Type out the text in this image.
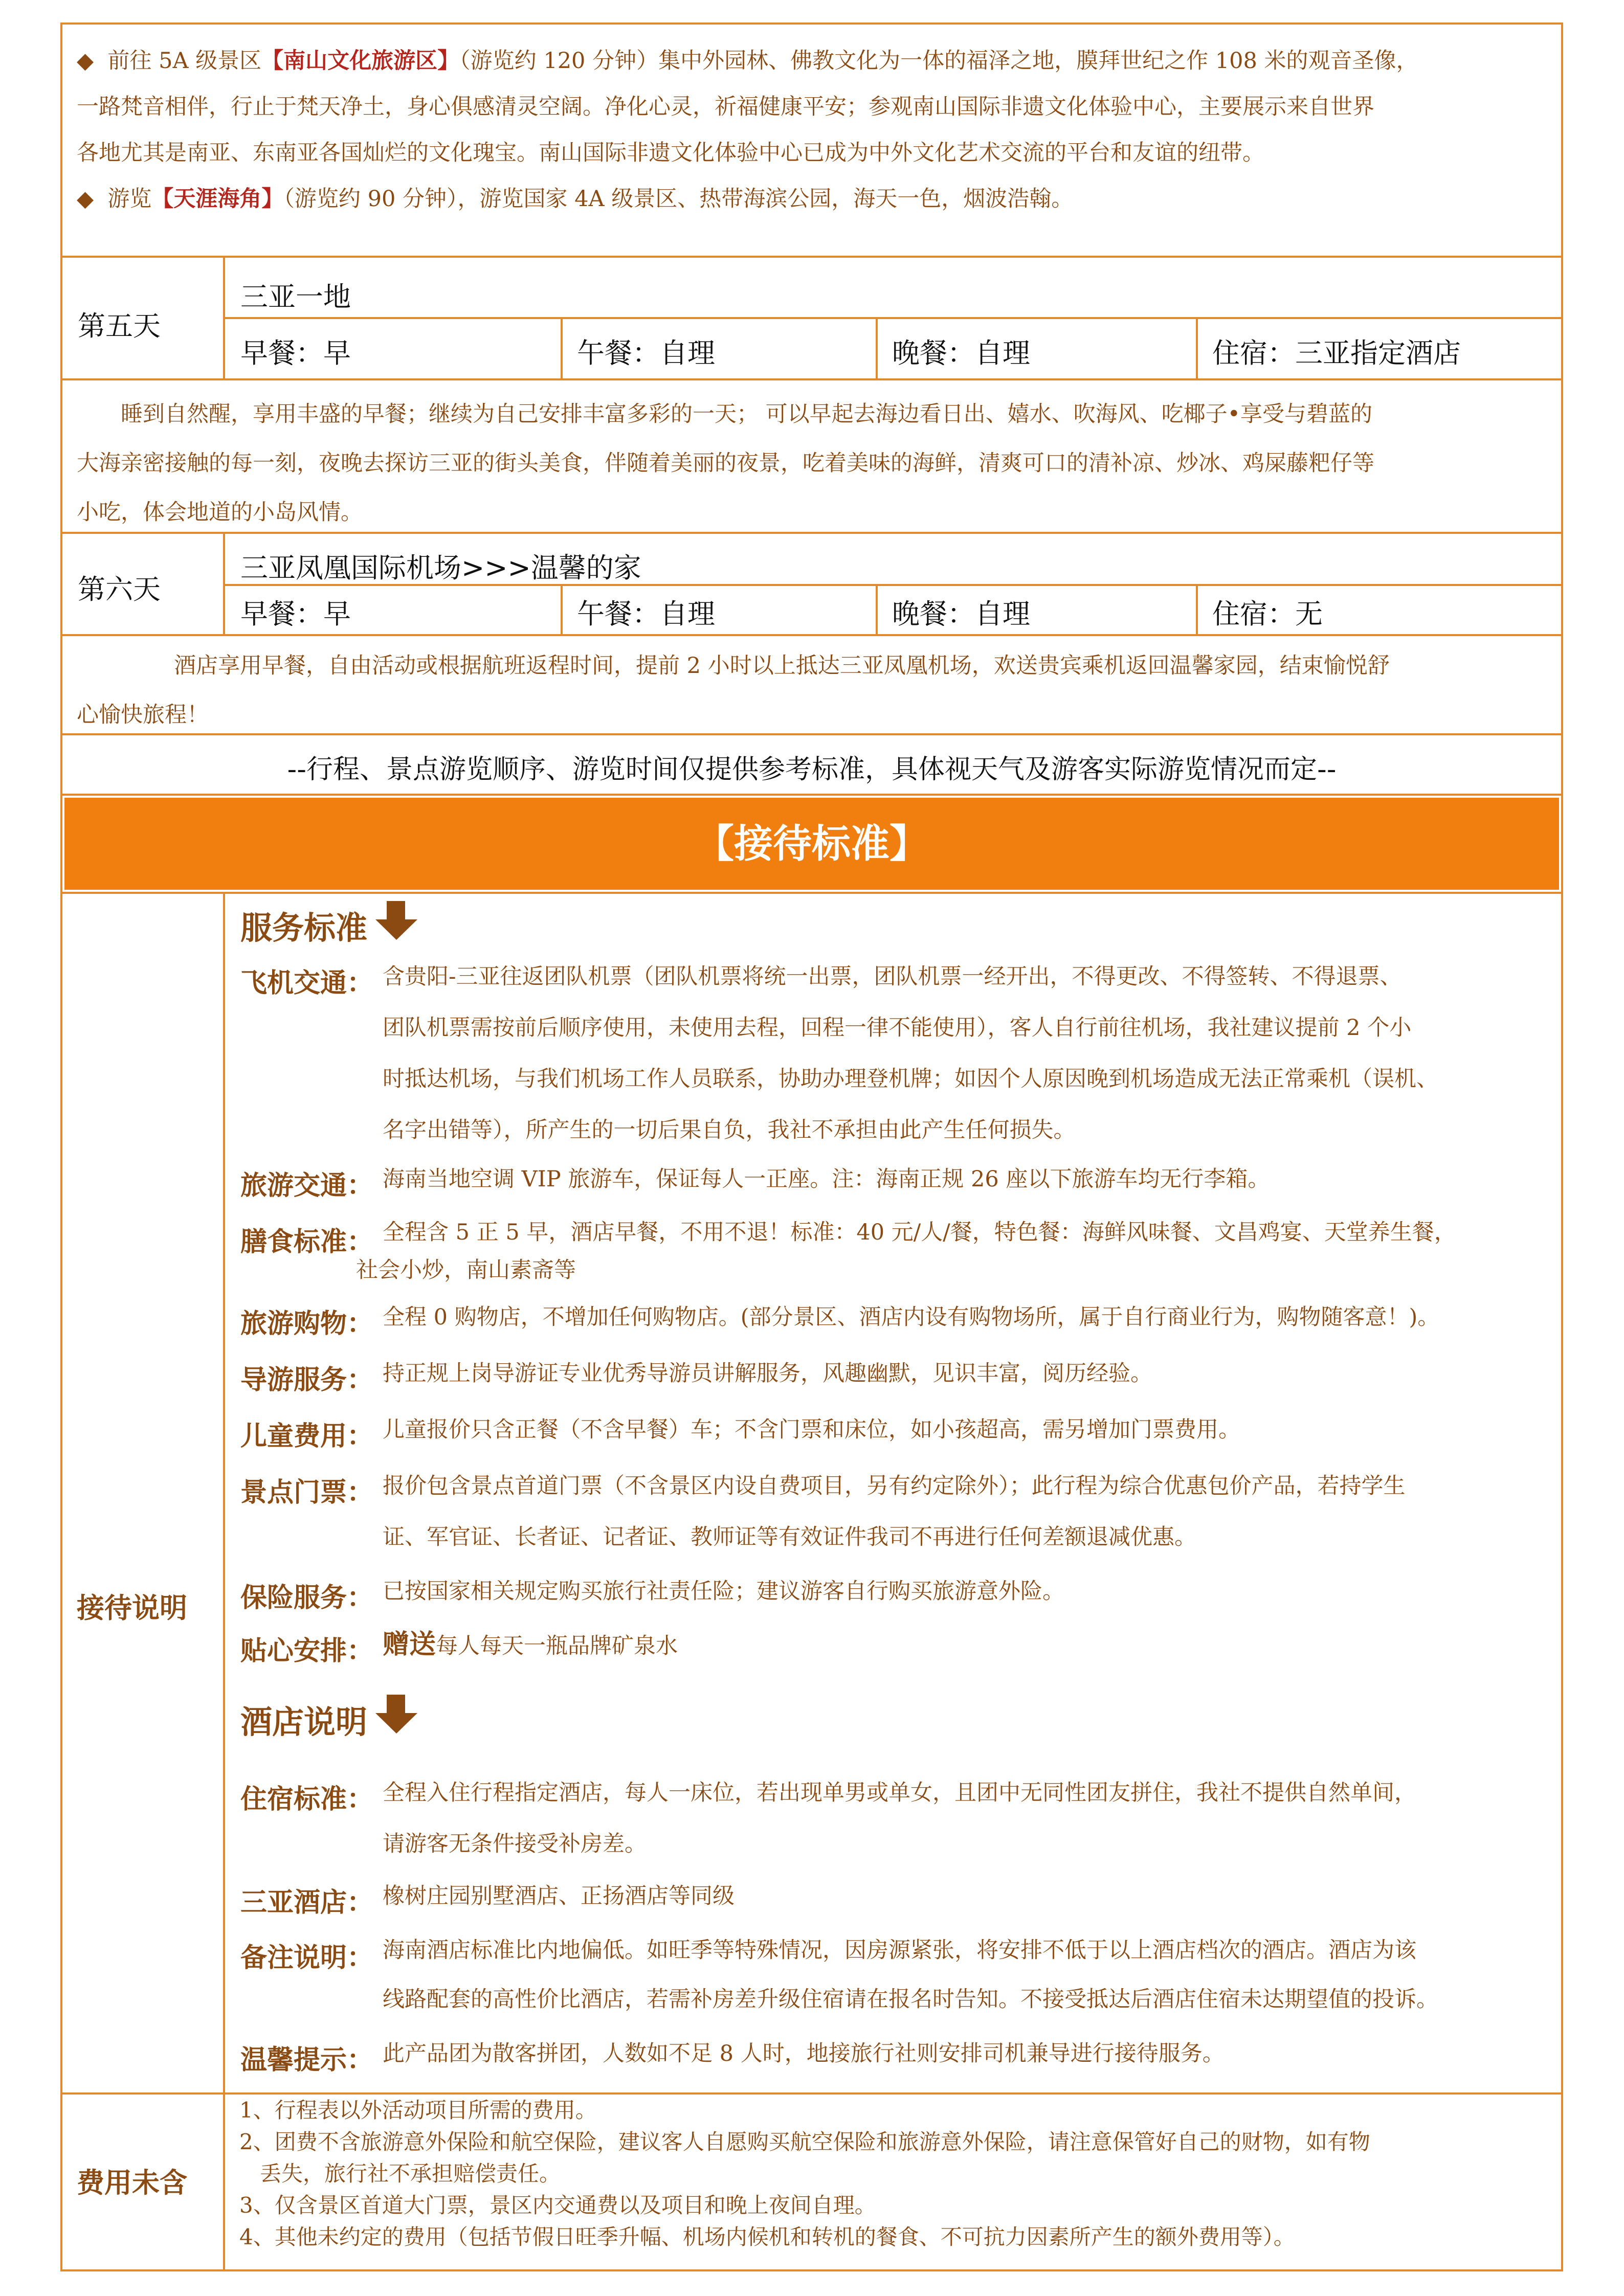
◆ 前往 5A 级景区【南山文化旅游区】（游览约 120 分钟）集中外园林、佛教文化为一体的福泽之地，膜拜世纪之作 108 米的观音圣像，
一路梵音相伴，行止于梵天净土，身心俱感清灵空阔。净化心灵，祈福健康平安；参观南山国际非遗文化体验中心，主要展示来自世界
各地尤其是南亚、东南亚各国灿烂的文化瑰宝。南山国际非遗文化体验中心已成为中外文化艺术交流的平台和友谊的纽带。
◆ 游览【天涯海角】（游览约 90 分钟），游览国家 4A 级景区、热带海滨公园，海天一色，烟波浩翰。
第五天
三亚一地
早餐：早	午餐：自理	晚餐：自理	住宿：三亚指定酒店
睡到自然醒，享用丰盛的早餐；继续为自己安排丰富多彩的一天； 可以早起去海边看日出、嬉水、吹海风、吃椰子•享受与碧蓝的
大海亲密接触的每一刻，夜晚去探访三亚的街头美食，伴随着美丽的夜景，吃着美味的海鲜，清爽可口的清补凉、炒冰、鸡屎藤粑仔等
小吃，体会地道的小岛风情。
第六天
三亚凤凰国际机场>>>温馨的家
早餐：早	午餐：自理	晚餐：自理	住宿：无
酒店享用早餐，自由活动或根据航班返程时间，提前 2 小时以上抵达三亚凤凰机场，欢送贵宾乘机返回温馨家园，结束愉悦舒
心愉快旅程！
--行程、景点游览顺序、游览时间仅提供参考标准，具体视天气及游客实际游览情况而定--
【接待标准】
接待说明
服务标准
飞机交通： 含贵阳-三亚往返团队机票（团队机票将统一出票，团队机票一经开出，不得更改、不得签转、不得退票、
团队机票需按前后顺序使用，未使用去程，回程一律不能使用），客人自行前往机场，我社建议提前 2 个小
时抵达机场，与我们机场工作人员联系，协助办理登机牌；如因个人原因晚到机场造成无法正常乘机（误机、
名字出错等），所产生的一切后果自负，我社不承担由此产生任何损失。
旅游交通： 海南当地空调 VIP 旅游车，保证每人一正座。注：海南正规 26 座以下旅游车均无行李箱。
膳食标准： 全程含 5 正 5 早，酒店早餐，不用不退！标准：40 元/人/餐，特色餐：海鲜风味餐、文昌鸡宴、天堂养生餐，
社会小炒，南山素斋等
旅游购物： 全程 0 购物店，不增加任何购物店。(部分景区、酒店内设有购物场所，属于自行商业行为，购物随客意！)。
导游服务： 持正规上岗导游证专业优秀导游员讲解服务，风趣幽默，见识丰富，阅历经验。
儿童费用： 儿童报价只含正餐（不含早餐）车；不含门票和床位，如小孩超高，需另增加门票费用。
景点门票： 报价包含景点首道门票（不含景区内设自费项目，另有约定除外）；此行程为综合优惠包价产品，若持学生
证、军官证、长者证、记者证、教师证等有效证件我司不再进行任何差额退减优惠。
保险服务： 已按国家相关规定购买旅行社责任险；建议游客自行购买旅游意外险。
贴心安排： 赠送每人每天一瓶品牌矿泉水
酒店说明
住宿标准： 全程入住行程指定酒店，每人一床位，若出现单男或单女，且团中无同性团友拼住，我社不提供自然单间，
请游客无条件接受补房差。
三亚酒店： 橡树庄园别墅酒店、正扬酒店等同级
备注说明： 海南酒店标准比内地偏低。如旺季等特殊情况，因房源紧张，将安排不低于以上酒店档次的酒店。酒店为该
线路配套的高性价比酒店，若需补房差升级住宿请在报名时告知。不接受抵达后酒店住宿未达期望值的投诉。
温馨提示： 此产品团为散客拼团，人数如不足 8 人时，地接旅行社则安排司机兼导进行接待服务。
费用未含
1、行程表以外活动项目所需的费用。
2、团费不含旅游意外保险和航空保险，建议客人自愿购买航空保险和旅游意外保险，请注意保管好自己的财物，如有物
丢失，旅行社不承担赔偿责任。
3、仅含景区首道大门票，景区内交通费以及项目和晚上夜间自理。
4、其他未约定的费用（包括节假日旺季升幅、机场内候机和转机的餐食、不可抗力因素所产生的额外费用等）。
